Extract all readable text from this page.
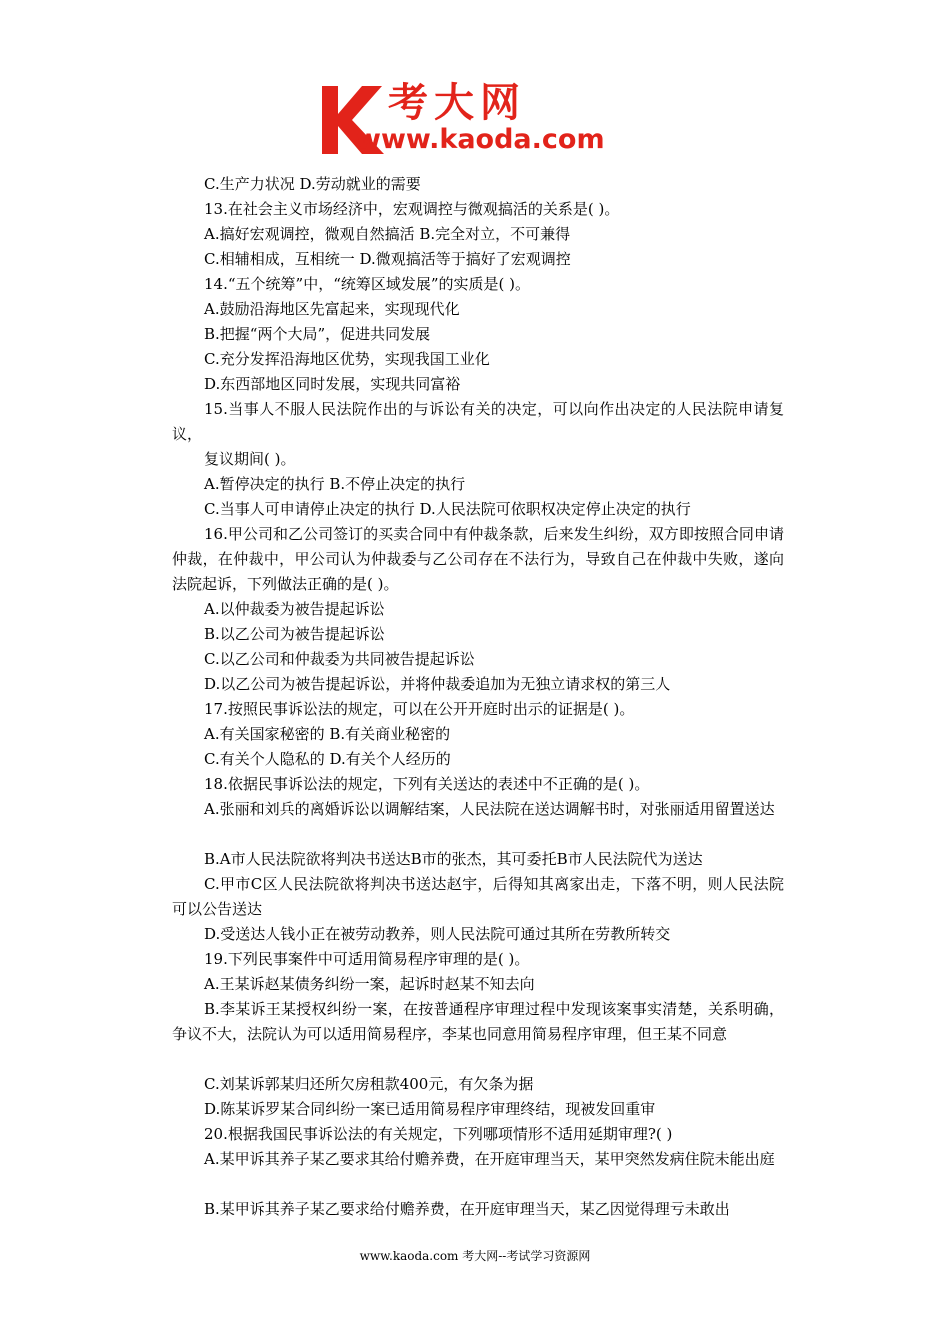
考大网
www.kaoda.com
C.生产力状况 D.劳动就业的需要
13.在社会主义市场经济中，宏观调控与微观搞活的关系是( )。
A.搞好宏观调控，微观自然搞活 B.完全对立，不可兼得
C.相辅相成，互相统一 D.微观搞活等于搞好了宏观调控
14.“五个统筹”中，“统筹区域发展”的实质是( )。
A.鼓励沿海地区先富起来，实现现代化
B.把握“两个大局”，促进共同发展
C.充分发挥沿海地区优势，实现我国工业化
D.东西部地区同时发展，实现共同富裕
15.当事人不服人民法院作出的与诉讼有关的决定，可以向作出决定的人民法院申请复议，
复议期间( )。
A.暂停决定的执行 B.不停止决定的执行
C.当事人可申请停止决定的执行 D.人民法院可依职权决定停止决定的执行
16.甲公司和乙公司签订的买卖合同中有仲裁条款，后来发生纠纷，双方即按照合同申请仲裁，在仲裁中，甲公司认为仲裁委与乙公司存在不法行为，导致自己在仲裁中失败，遂向法院起诉，下列做法正确的是( )。
A.以仲裁委为被告提起诉讼
B.以乙公司为被告提起诉讼
C.以乙公司和仲裁委为共同被告提起诉讼
D.以乙公司为被告提起诉讼，并将仲裁委追加为无独立请求权的第三人
17.按照民事诉讼法的规定，可以在公开开庭时出示的证据是( )。
A.有关国家秘密的 B.有关商业秘密的
C.有关个人隐私的 D.有关个人经历的
18.依据民事诉讼法的规定，下列有关送达的表述中不正确的是( )。
A.张丽和刘兵的离婚诉讼以调解结案，人民法院在送达调解书时，对张丽适用留置送达
B.A市人民法院欲将判决书送达B市的张杰，其可委托B市人民法院代为送达
C.甲市C区人民法院欲将判决书送达赵宇，后得知其离家出走，下落不明，则人民法院可以公告送达
D.受送达人钱小正在被劳动教养，则人民法院可通过其所在劳教所转交
19.下列民事案件中可适用简易程序审理的是( )。
A.王某诉赵某债务纠纷一案，起诉时赵某不知去向
B.李某诉王某授权纠纷一案，在按普通程序审理过程中发现该案事实清楚，关系明确，争议不大，法院认为可以适用简易程序，李某也同意用简易程序审理，但王某不同意
C.刘某诉郭某归还所欠房租款400元，有欠条为据
D.陈某诉罗某合同纠纷一案已适用简易程序审理终结，现被发回重审
20.根据我国民事诉讼法的有关规定，下列哪项情形不适用延期审理?( )
A.某甲诉其养子某乙要求其给付赡养费，在开庭审理当天，某甲突然发病住院未能出庭
B.某甲诉其养子某乙要求给付赡养费，在开庭审理当天，某乙因觉得理亏未敢出
www.kaoda.com 考大网--考试学习资源网
